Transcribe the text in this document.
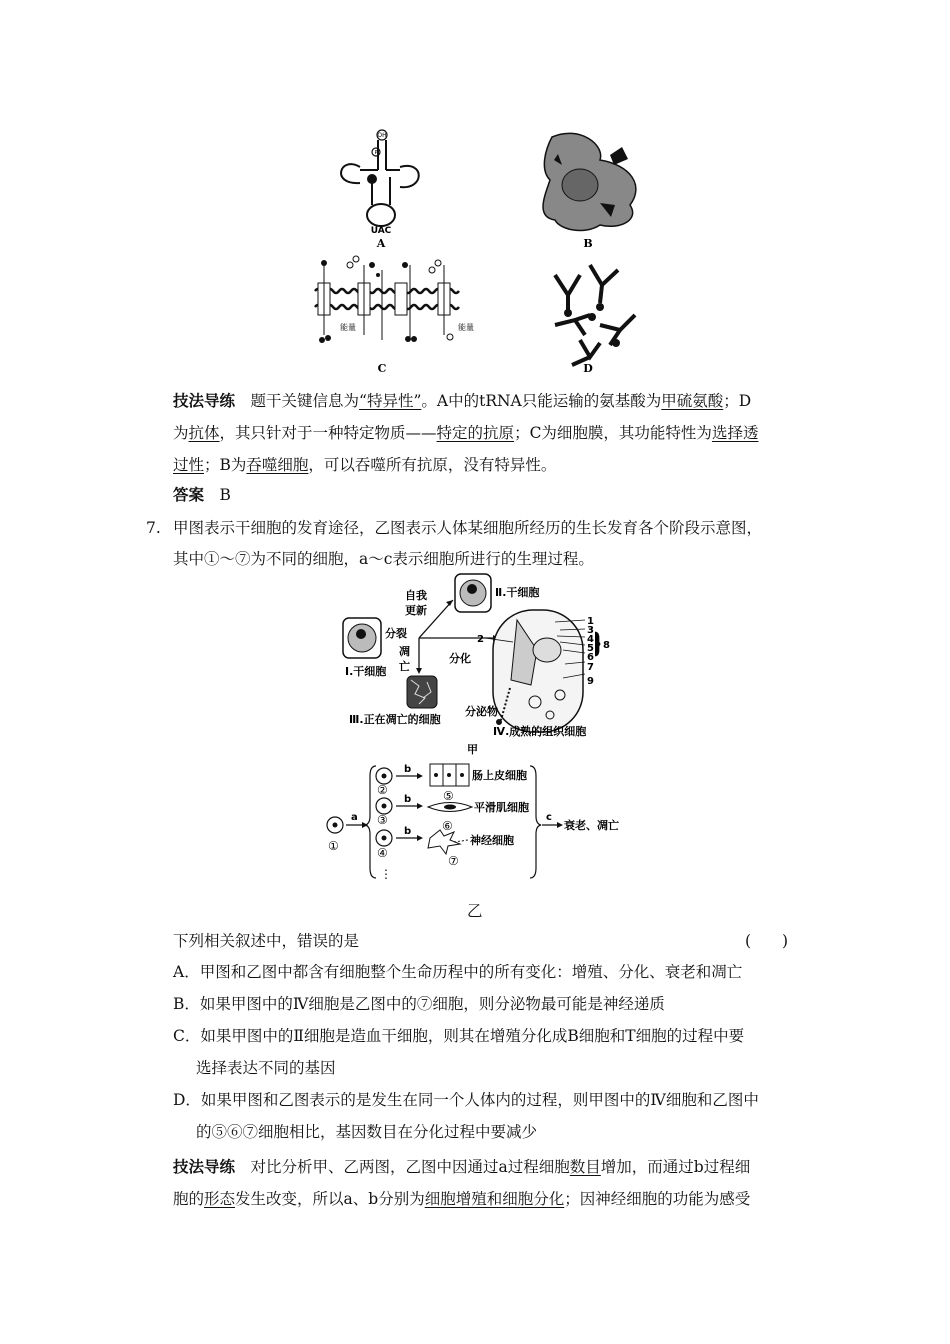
OH
P
UAC
A	B
能量	能量
C	D
技法导练　 题干关键信息为“特异性”。A中的tRNA只能运输的氨基酸为甲硫氨酸；D
为抗体，其只针对于一种特定物质——特定的抗原；C为细胞膜，其功能特性为选择透
过性；B为吞噬细胞，可以吞噬所有抗原，没有特异性。
答案　 B
7. 甲图表示干细胞的发育途径，乙图表示人体某细胞所经历的生长发育各个阶段示意图，
其中①～⑦为不同的细胞，a～c表示细胞所进行的生理过程。
Ⅰ.干细胞
分裂
凋
亡
自我
更新
Ⅱ.干细胞
分化
Ⅲ.正在凋亡的细胞
2
1
3
4
5
6
7
9
8
分泌物
Ⅳ.成熟的组织细胞
甲
①
②
③
④
⋮
a
b
b
b
肠上皮细胞
⑤
平滑肌细胞
⑥
神经细胞
⑦
c
衰老、凋亡
乙
下列相关叙述中，错误的是	(　　)
A．甲图和乙图中都含有细胞整个生命历程中的所有变化：增殖、分化、衰老和凋亡
B．如果甲图中的Ⅳ细胞是乙图中的⑦细胞，则分泌物最可能是神经递质
C．如果甲图中的Ⅱ细胞是造血干细胞，则其在增殖分化成B细胞和T细胞的过程中要
选择表达不同的基因
D．如果甲图和乙图表示的是发生在同一个人体内的过程，则甲图中的Ⅳ细胞和乙图中
的⑤⑥⑦细胞相比，基因数目在分化过程中要减少
技法导练　 对比分析甲、乙两图，乙图中因通过a过程细胞数目增加，而通过b过程细
胞的形态发生改变，所以a、b分别为细胞增殖和细胞分化；因神经细胞的功能为感受
